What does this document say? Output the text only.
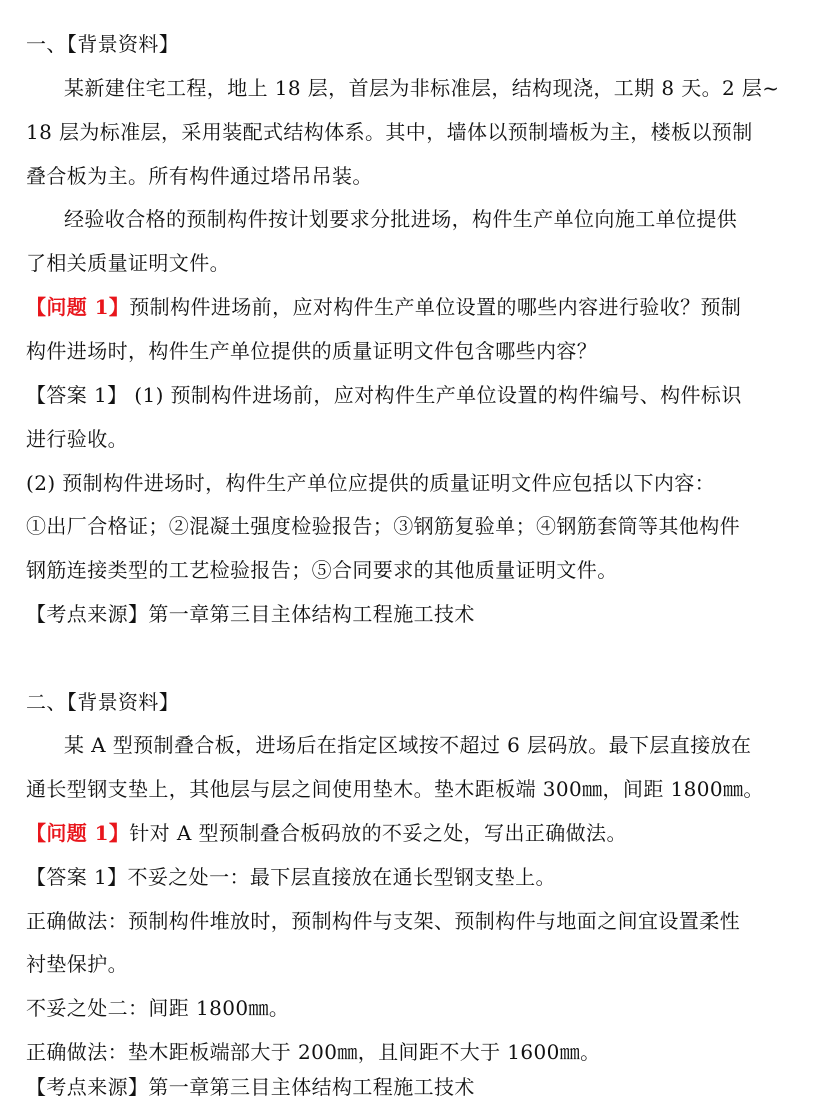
一、【背景资料】
某新建住宅工程，地上 18 层，首层为非标准层，结构现浇，工期 8 天。2 层~
18 层为标准层，采用装配式结构体系。其中，墙体以预制墙板为主，楼板以预制
叠合板为主。所有构件通过塔吊吊装。
经验收合格的预制构件按计划要求分批进场，构件生产单位向施工单位提供
了相关质量证明文件。
【问题 1】预制构件进场前，应对构件生产单位设置的哪些内容进行验收？预制
构件进场时，构件生产单位提供的质量证明文件包含哪些内容？
【答案 1】 (1) 预制构件进场前，应对构件生产单位设置的构件编号、构件标识
进行验收。
(2) 预制构件进场时，构件生产单位应提供的质量证明文件应包括以下内容：
①出厂合格证；②混凝土强度检验报告；③钢筋复验单；④钢筋套筒等其他构件
钢筋连接类型的工艺检验报告；⑤合同要求的其他质量证明文件。
【考点来源】第一章第三目主体结构工程施工技术
二、【背景资料】
某 A 型预制叠合板，进场后在指定区域按不超过 6 层码放。最下层直接放在
通长型钢支垫上，其他层与层之间使用垫木。垫木距板端 300㎜，间距 1800㎜。
【问题 1】针对 A 型预制叠合板码放的不妥之处，写出正确做法。
【答案 1】不妥之处一：最下层直接放在通长型钢支垫上。
正确做法：预制构件堆放时，预制构件与支架、预制构件与地面之间宜设置柔性
衬垫保护。
不妥之处二：间距 1800㎜。
正确做法：垫木距板端部大于 200㎜，且间距不大于 1600㎜。
【考点来源】第一章第三目主体结构工程施工技术
